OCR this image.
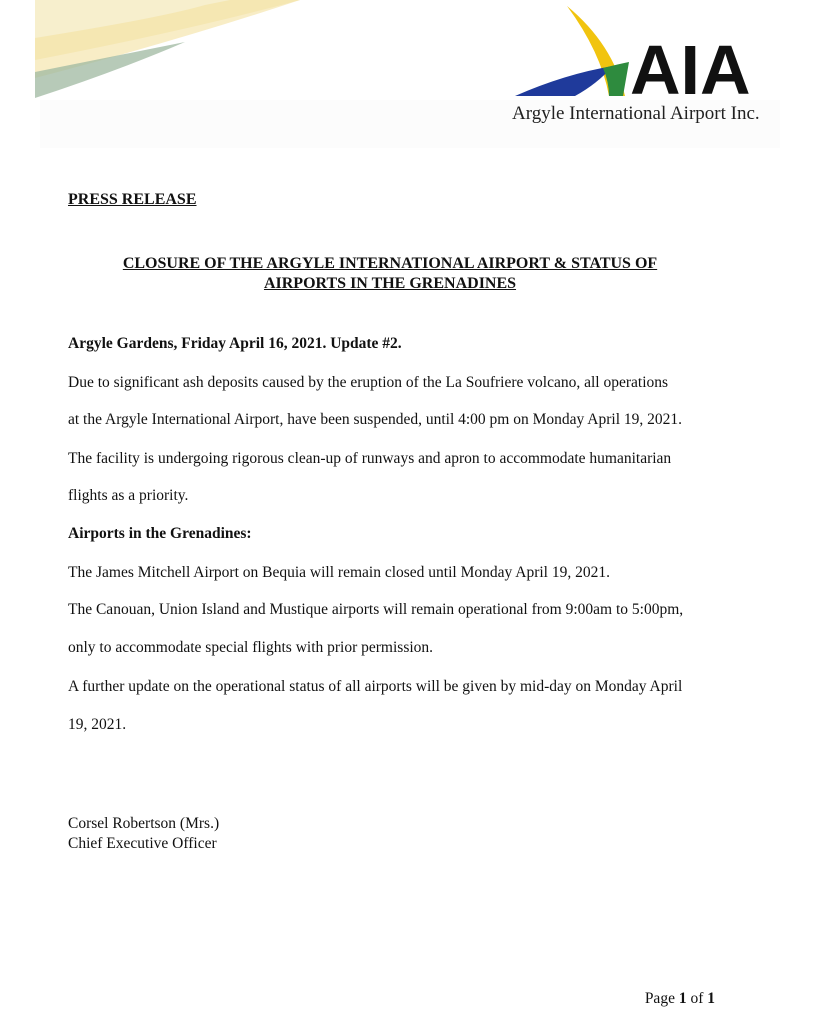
AIA
Argyle International Airport Inc.
PRESS RELEASE
CLOSURE OF THE ARGYLE INTERNATIONAL AIRPORT & STATUS OF
AIRPORTS IN THE GRENADINES
Argyle Gardens, Friday April 16, 2021. Update #2.
Due to significant ash deposits caused by the eruption of the La Soufriere volcano, all operations
at the Argyle International Airport, have been suspended, until 4:00 pm on Monday April 19, 2021.
The facility is undergoing rigorous clean-up of runways and apron to accommodate humanitarian
flights as a priority.
Airports in the Grenadines:
The James Mitchell Airport on Bequia will remain closed until Monday April 19, 2021.
The Canouan, Union Island and Mustique airports will remain operational from 9:00am to 5:00pm,
only to accommodate special flights with prior permission.
A further update on the operational status of all airports will be given by mid-day on Monday April
19, 2021.
Corsel Robertson (Mrs.)
Chief Executive Officer
Page 1 of 1
